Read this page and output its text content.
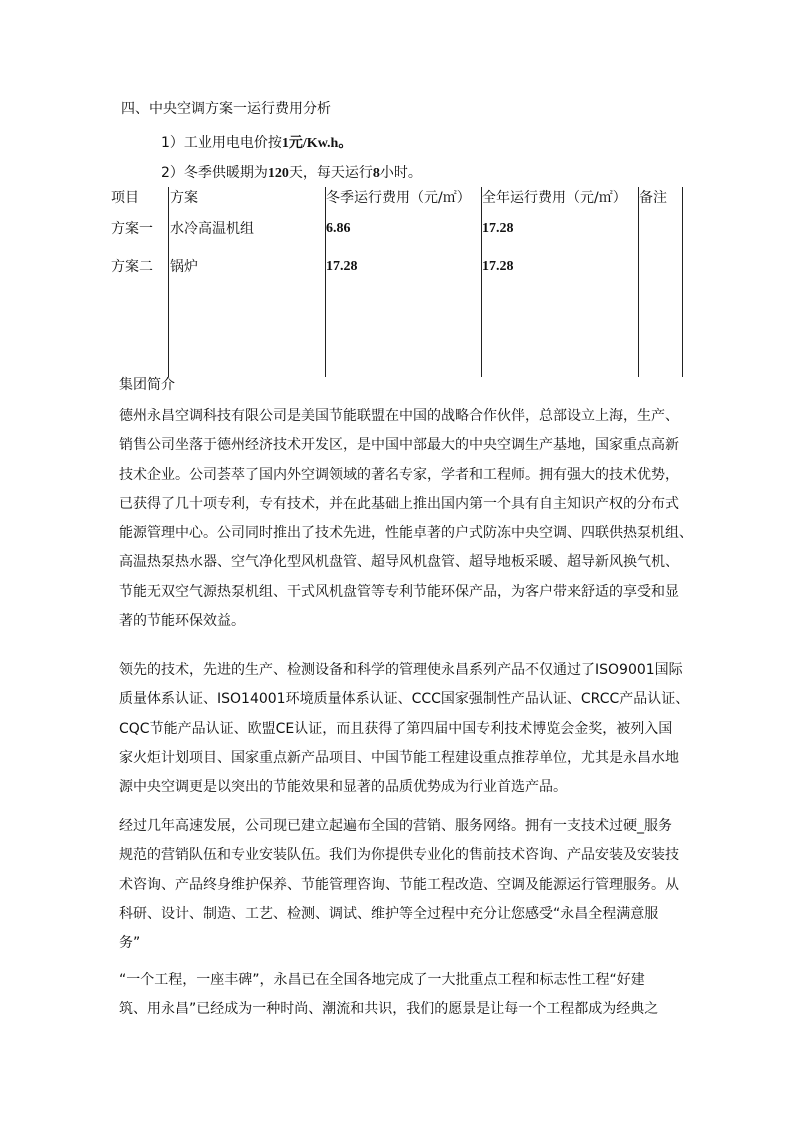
四、中央空调方案一运行费用分析
1）工业用电电价按1元/Kw.h。
2）冬季供暖期为120天，每天运行8小时。
项目 方案	冬季运行费用（元/㎡） 全年运行费用（元/㎡） 备注
方案一 水冷高温机组	6.86	17.28
方案二 锅炉	17.28	17.28
集团简介
德州永昌空调科技有限公司是美国节能联盟在中国的战略合作伙伴，总部设立上海，生产、
销售公司坐落于德州经济技术开发区，是中国中部最大的中央空调生产基地，国家重点高新
技术企业。公司荟萃了国内外空调领域的著名专家，学者和工程师。拥有强大的技术优势，
已获得了几十项专利，专有技术，并在此基础上推出国内第一个具有自主知识产权的分布式
能源管理中心。公司同时推出了技术先进，性能卓著的户式防冻中央空调、四联供热泵机组、
高温热泵热水器、空气净化型风机盘管、超导风机盘管、超导地板采暖、超导新风换气机、
节能无双空气源热泵机组、干式风机盘管等专利节能环保产品，为客户带来舒适的享受和显
著的节能环保效益。
领先的技术，先进的生产、检测设备和科学的管理使永昌系列产品不仅通过了ISO9001国际
质量体系认证、ISO14001环境质量体系认证、CCC国家强制性产品认证、CRCC产品认证、
CQC节能产品认证、欧盟CE认证，而且获得了第四届中国专利技术博览会金奖，被列入国
家火炬计划项目、国家重点新产品项目、中国节能工程建设重点推荐单位，尤其是永昌水地
源中央空调更是以突出的节能效果和显著的品质优势成为行业首选产品。
经过几年高速发展，公司现已建立起遍布全国的营销、服务网络。拥有一支技术过硬_服务
规范的营销队伍和专业安装队伍。我们为你提供专业化的售前技术咨询、产品安装及安装技
术咨询、产品终身维护保养、节能管理咨询、节能工程改造、空调及能源运行管理服务。从
科研、设计、制造、工艺、检测、调试、维护等全过程中充分让您感受“永昌全程满意服
务”
“一个工程，一座丰碑”，永昌已在全国各地完成了一大批重点工程和标志性工程“好建
筑、用永昌”已经成为一种时尚、潮流和共识，我们的愿景是让每一个工程都成为经典之
